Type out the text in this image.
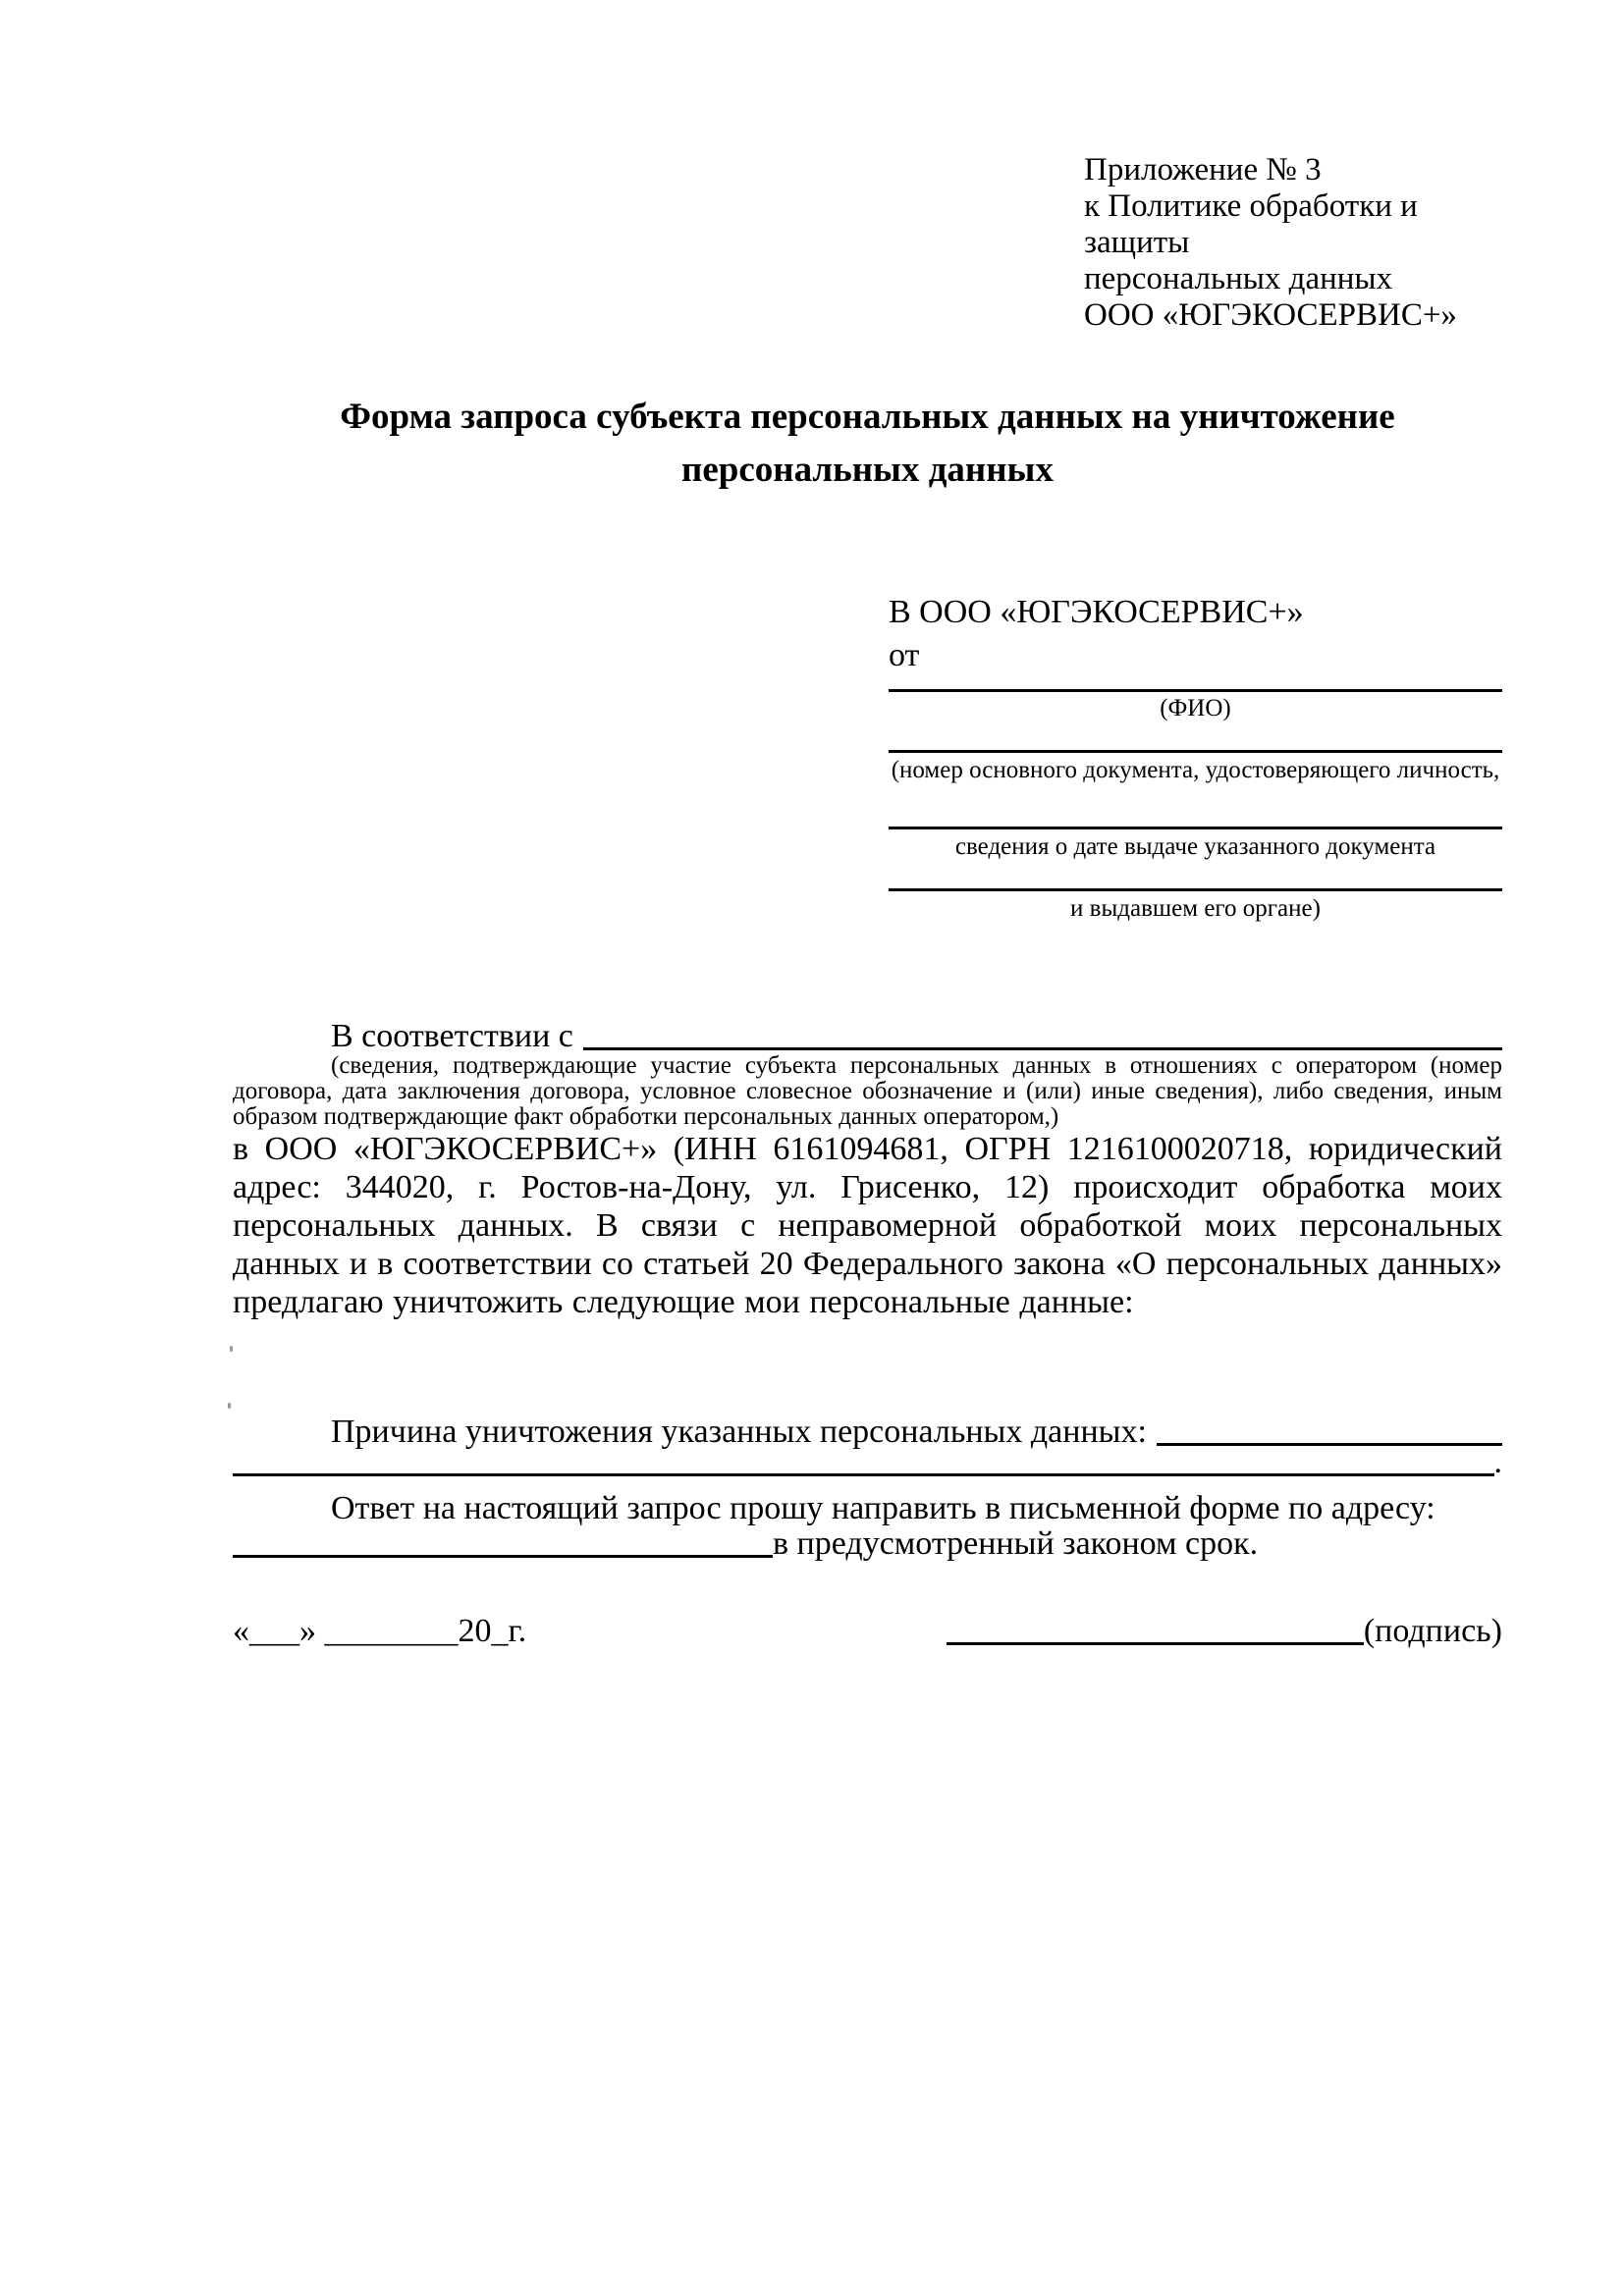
Приложение № 3
к Политике обработки и защиты
персональных данных
ООО «ЮГЭКОСЕРВИС+»
Форма запроса субъекта персональных данных на уничтожение персональных данных
В ООО «ЮГЭКОСЕРВИС+»
от
(ФИО)
(номер основного документа, удостоверяющего личность,
сведения о дате выдаче указанного документа
и выдавшем его органе)
В соответствии с
(сведения, подтверждающие участие субъекта персональных данных в отношениях с оператором (номер договора, дата заключения договора, условное словесное обозначение и (или) иные сведения), либо сведения, иным образом подтверждающие факт обработки персональных данных оператором,)
в ООО «ЮГЭКОСЕРВИС+» (ИНН 6161094681, ОГРН 1216100020718, юридический адрес: 344020, г. Ростов-на-Дону, ул. Грисенко, 12) происходит обработка моих персональных данных. В связи с неправомерной обработкой моих персональных данных и в соответствии со статьей 20 Федерального закона «О персональных данных» предлагаю уничтожить следующие мои персональные данные:
Причина уничтожения указанных персональных данных:
.
Ответ на настоящий запрос прошу направить в письменной форме по адресу:
в предусмотренный законом срок.
«___» ________20_г.	(подпись)
